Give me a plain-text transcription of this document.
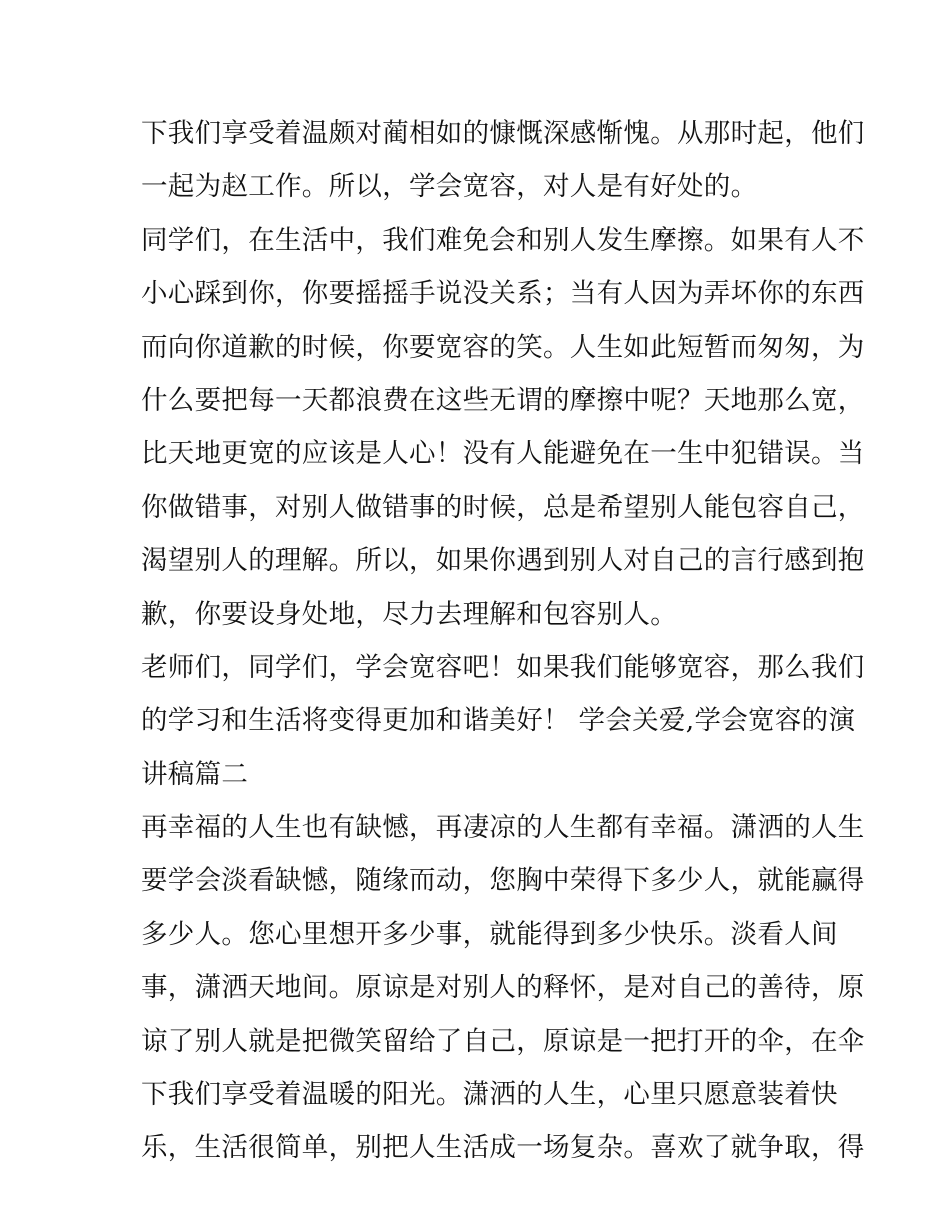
下我们享受着温颇对蔺相如的慷慨深感惭愧。从那时起，他们
一起为赵工作。所以，学会宽容，对人是有好处的。
同学们，在生活中，我们难免会和别人发生摩擦。如果有人不
小心踩到你，你要摇摇手说没关系；当有人因为弄坏你的东西
而向你道歉的时候，你要宽容的笑。人生如此短暂而匆匆，为
什么要把每一天都浪费在这些无谓的摩擦中呢？天地那么宽，
比天地更宽的应该是人心！没有人能避免在一生中犯错误。当
你做错事，对别人做错事的时候，总是希望别人能包容自己，
渴望别人的理解。所以，如果你遇到别人对自己的言行感到抱
歉，你要设身处地，尽力去理解和包容别人。
老师们，同学们，学会宽容吧！如果我们能够宽容，那么我们
的学习和生活将变得更加和谐美好！ 学会关爱,学会宽容的演
讲稿篇二
再幸福的人生也有缺憾，再凄凉的人生都有幸福。潇洒的人生
要学会淡看缺憾，随缘而动，您胸中荣得下多少人，就能赢得
多少人。您心里想开多少事，就能得到多少快乐。淡看人间
事，潇洒天地间。原谅是对别人的释怀，是对自己的善待，原
谅了别人就是把微笑留给了自己，原谅是一把打开的伞，在伞
下我们享受着温暖的阳光。潇洒的人生，心里只愿意装着快
乐，生活很简单，别把人生活成一场复杂。喜欢了就争取，得
